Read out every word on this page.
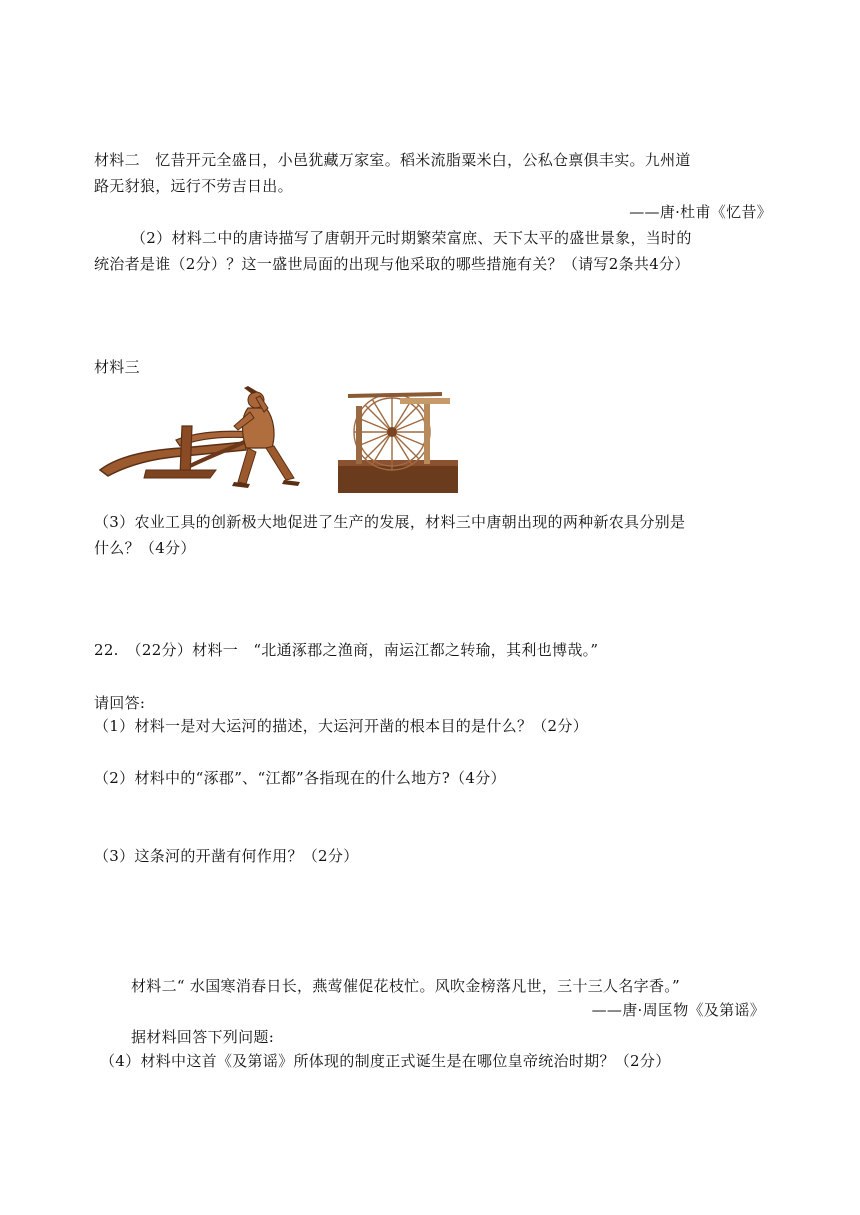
材料二　忆昔开元全盛日，小邑犹藏万家室。稻米流脂粟米白，公私仓禀俱丰实。九州道
路无豺狼，远行不劳吉日出。
——唐·杜甫《忆昔》
（2）材料二中的唐诗描写了唐朝开元时期繁荣富庶、天下太平的盛世景象，当时的
统治者是谁（2分）？这一盛世局面的出现与他采取的哪些措施有关？（请写2条共4分）
材料三
（3）农业工具的创新极大地促进了生产的发展，材料三中唐朝出现的两种新农具分别是
什么？（4分）
22.　（22分）材料一　“北通涿郡之渔商，南运江都之转瑜，其利也博哉。”
请回答:
（1）材料一是对大运河的描述，大运河开凿的根本目的是什么？（2分）
（2）材料中的“涿郡”、“江都”各指现在的什么地方?（4分）
（3）这条河的开凿有何作用？（2分）
材料二“ 水国寒消春日长，燕莺催促花枝忙。风吹金榜落凡世，三十三人名字香。”
——唐·周匡物《及第谣》
据材料回答下列问题:
（4）材料中这首《及第谣》所体现的制度正式诞生是在哪位皇帝统治时期？（2分）
